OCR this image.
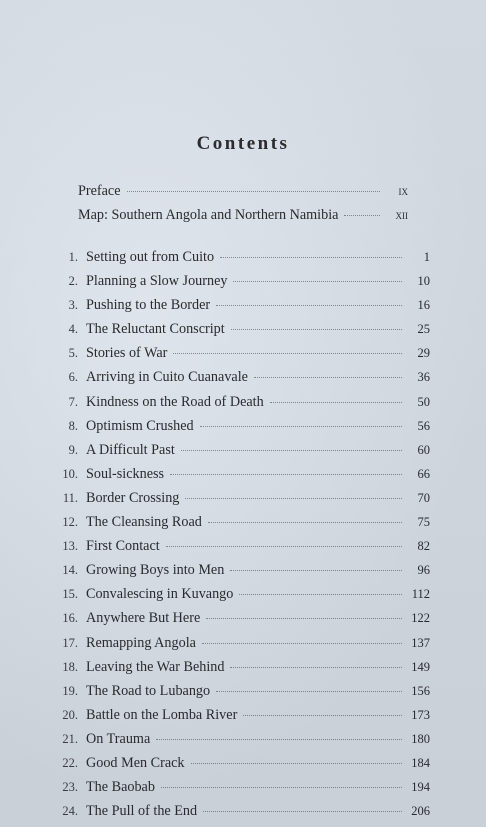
Contents
Preface	ix
Map: Southern Angola and Northern Namibia	xii
1. Setting out from Cuito	1
2. Planning a Slow Journey	10
3. Pushing to the Border	16
4. The Reluctant Conscript	25
5. Stories of War	29
6. Arriving in Cuito Cuanavale	36
7. Kindness on the Road of Death	50
8. Optimism Crushed	56
9. A Difficult Past	60
10. Soul-sickness	66
11. Border Crossing	70
12. The Cleansing Road	75
13. First Contact	82
14. Growing Boys into Men	96
15. Convalescing in Kuvango	112
16. Anywhere But Here	122
17. Remapping Angola	137
18. Leaving the War Behind	149
19. The Road to Lubango	156
20. Battle on the Lomba River	173
21. On Trauma	180
22. Good Men Crack	184
23. The Baobab	194
24. The Pull of the End	206
